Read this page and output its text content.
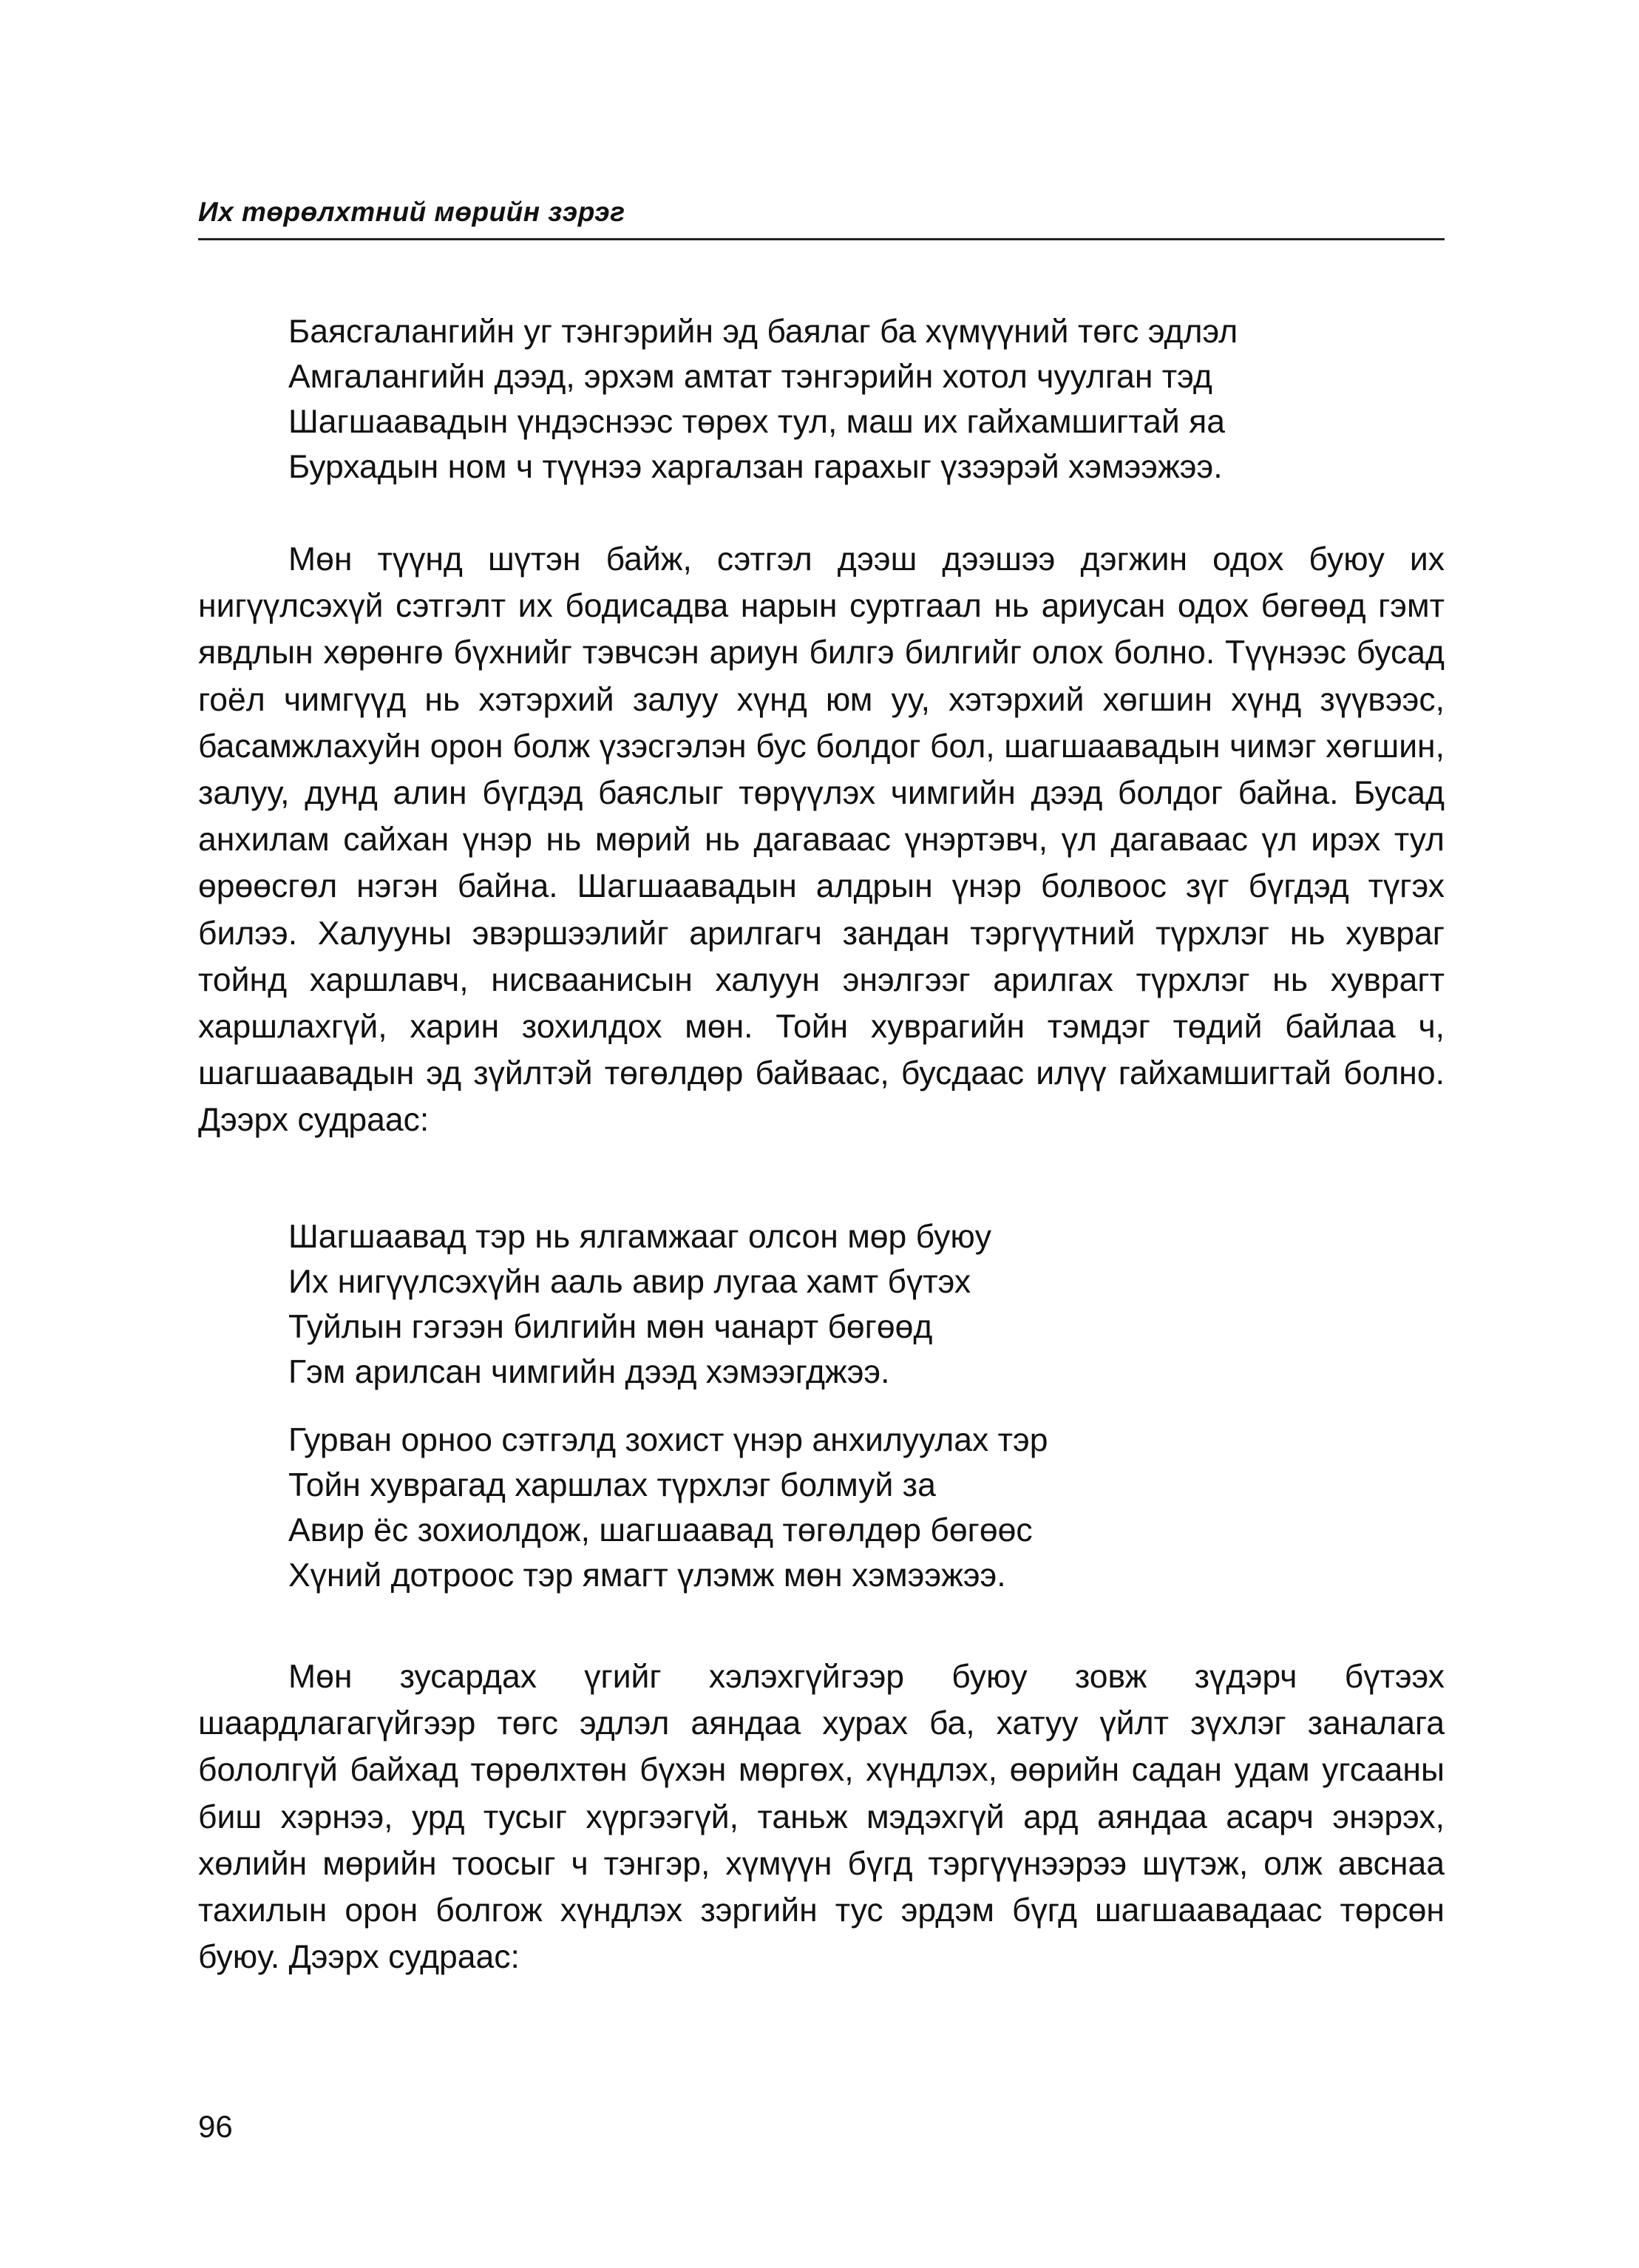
Их төрөлхтний мөрийн зэрэг
Баясгалангийн уг тэнгэрийн эд баялаг ба хүмүүний төгс эдлэл
Амгалангийн дээд, эрхэм амтат тэнгэрийн хотол чуулган тэд
Шагшаавадын үндэснээс төрөх тул, маш их гайхамшигтай яа
Бурхадын ном ч түүнээ харгалзан гарахыг үзээрэй хэмээжээ.

Мөн түүнд шүтэн байж, сэтгэл дээш дээшээ дэгжин одох буюу их нигүүлсэхүй сэтгэлт их бодисадва нарын суртгаал нь ариусан одох бөгөөд гэмт явдлын хөрөнгө бүхнийг тэвчсэн ариун билгэ билгийг олох болно. Түүнээс бусад гоёл чимгүүд нь хэтэрхий залуу хүнд юм уу, хэтэрхий хөгшин хүнд зүүвээс, басамжлахуйн орон болж үзэсгэлэн бус болдог бол, шагшаавадын чимэг хөгшин, залуу, дунд алин бүгдэд баяслыг төрүүлэх чимгийн дээд болдог байна. Бусад анхилам сайхан үнэр нь мөрий нь дагаваас үнэртэвч, үл дагаваас үл ирэх тул өрөөсгөл нэгэн байна. Шагшаавадын алдрын үнэр болвоос зүг бүгдэд түгэх билээ. Халууны эвэршээлийг арилгагч зандан тэргүүтний түрхлэг нь хувраг тойнд харшлавч, нисваанисын халуун энэлгээг арилгах түрхлэг нь хуврагт харшлахгүй, харин зохилдох мөн. Тойн хуврагийн тэмдэг төдий байлаа ч, шагшаавадын эд зүйлтэй төгөлдөр байваас, бусдаас илүү гайхамшигтай болно. Дээрх судраас:

Шагшаавад тэр нь ялгамжааг олсон мөр буюу
Их нигүүлсэхүйн ааль авир лугаа хамт бүтэх
Туйлын гэгээн билгийн мөн чанарт бөгөөд
Гэм арилсан чимгийн дээд хэмээгджээ.
Гурван орноо сэтгэлд зохист үнэр анхилуулах тэр
Тойн хуврагад харшлах түрхлэг болмуй за
Авир ёс зохиолдож, шагшаавад төгөлдөр бөгөөс
Хүний дотроос тэр ямагт үлэмж мөн хэмээжээ.

Мөн зусардах үгийг хэлэхгүйгээр буюу зовж зүдэрч бүтээх шаардлагагүйгээр төгс эдлэл аяндаа хурах ба, хатуу үйлт зүхлэг заналага бололгүй байхад төрөлхтөн бүхэн мөргөх, хүндлэх, өөрийн садан удам угсааны биш хэрнээ, урд тусыг хүргээгүй, таньж мэдэхгүй ард аяндаа асарч энэрэх, хөлийн мөрийн тоосыг ч тэнгэр, хүмүүн бүгд тэргүүнээрээ шүтэж, олж авснаа тахилын орон болгож хүндлэх зэргийн тус эрдэм бүгд шагшаавадаас төрсөн буюу. Дээрх судраас:

96
